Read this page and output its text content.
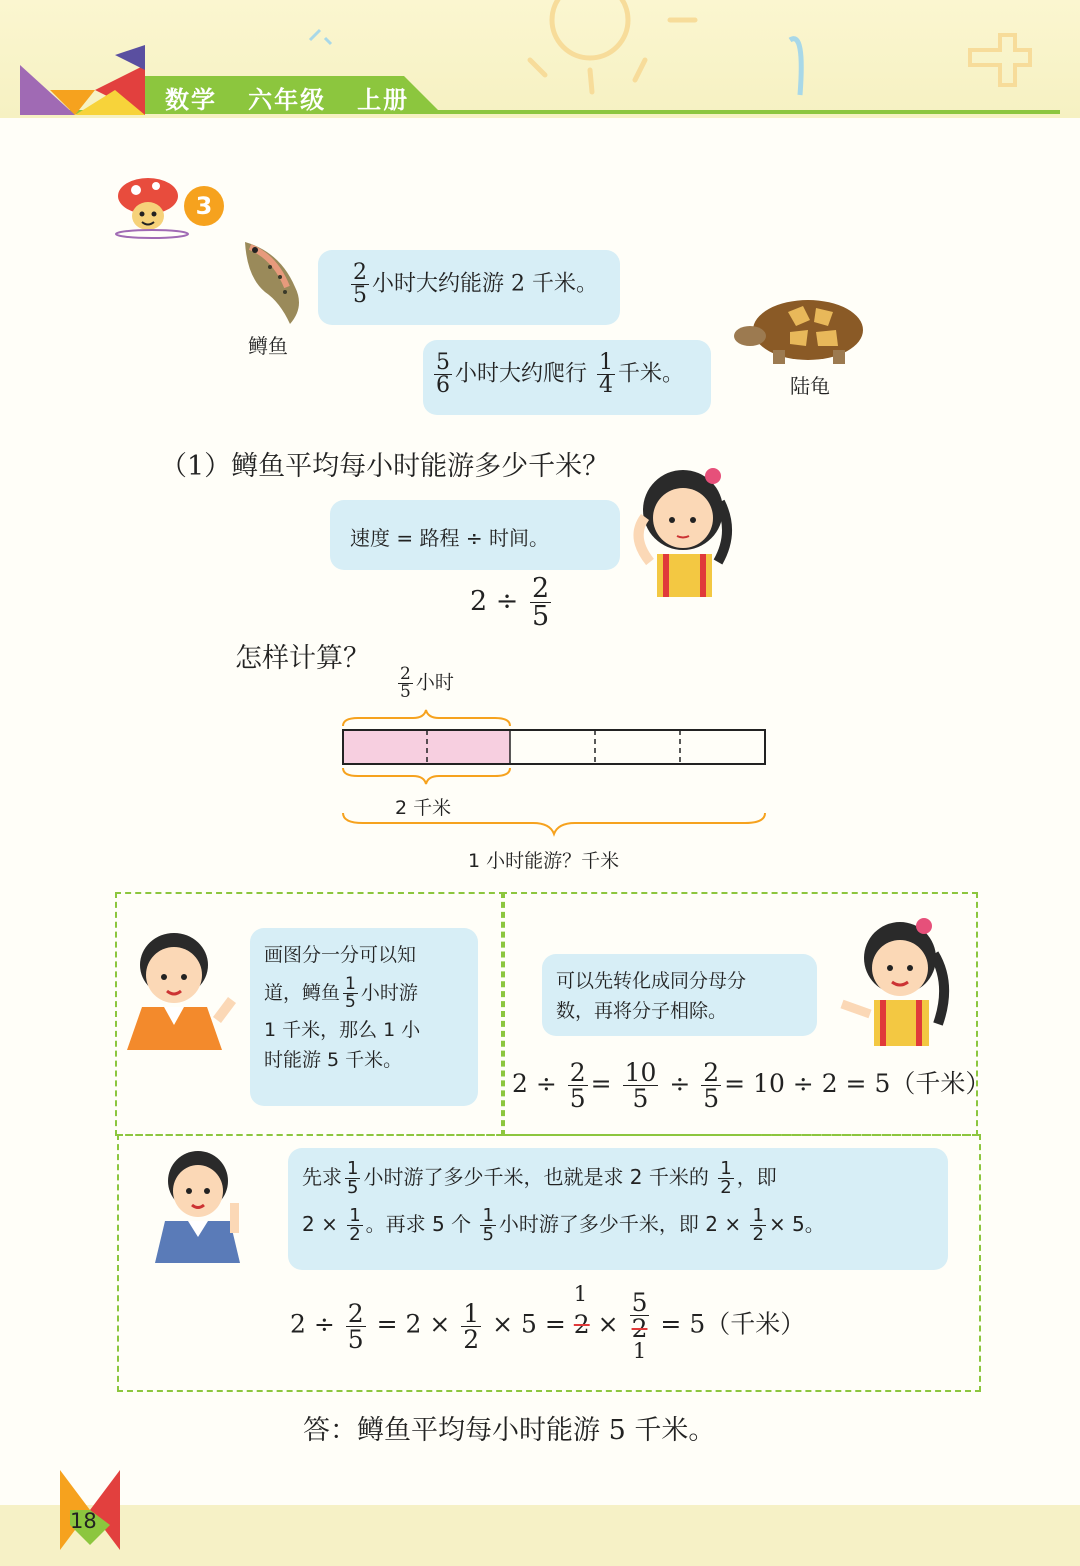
数学 六年级 上册
3
鳟鱼
$\frac{2}{5}$ 小时大约能游 2 千米。
陆龟
$\frac{5}{6}$ 小时大约爬行 $\frac{1}{4}$ 千米。
（1）鳟鱼平均每小时能游多少千米？
速度 = 路程 ÷ 时间。
$2 \div \frac{2}{5}$
怎样计算？
$\frac{2}{5}$ 小时
2 千米
1 小时能游？千米
画图分一分可以知
道，鳟鱼 $\frac{1}{5}$ 小时游
1 千米，那么 1 小
时能游 5 千米。
可以先转化成同分母分
数，再将分子相除。
$2 \div \frac{2}{5} = \frac{10}{5} \div \frac{2}{5} = 10 \div 2 = 5$（千米）
先求 $\frac{1}{5}$ 小时游了多少千米，也就是求 2 千米的 $\frac{1}{2}$ ，即
$2 \times \frac{1}{2}$ 。再求 5 个 $\frac{1}{5}$ 小时游了多少千米，即 $2 \times \frac{1}{2} \times 5$。
$2 \div \frac{2}{5} = 2 \times \frac{1}{2} \times 5$ =
1
2 ×
5
2
1
= 5（千米）
答：鳟鱼平均每小时能游 5 千米。
18
